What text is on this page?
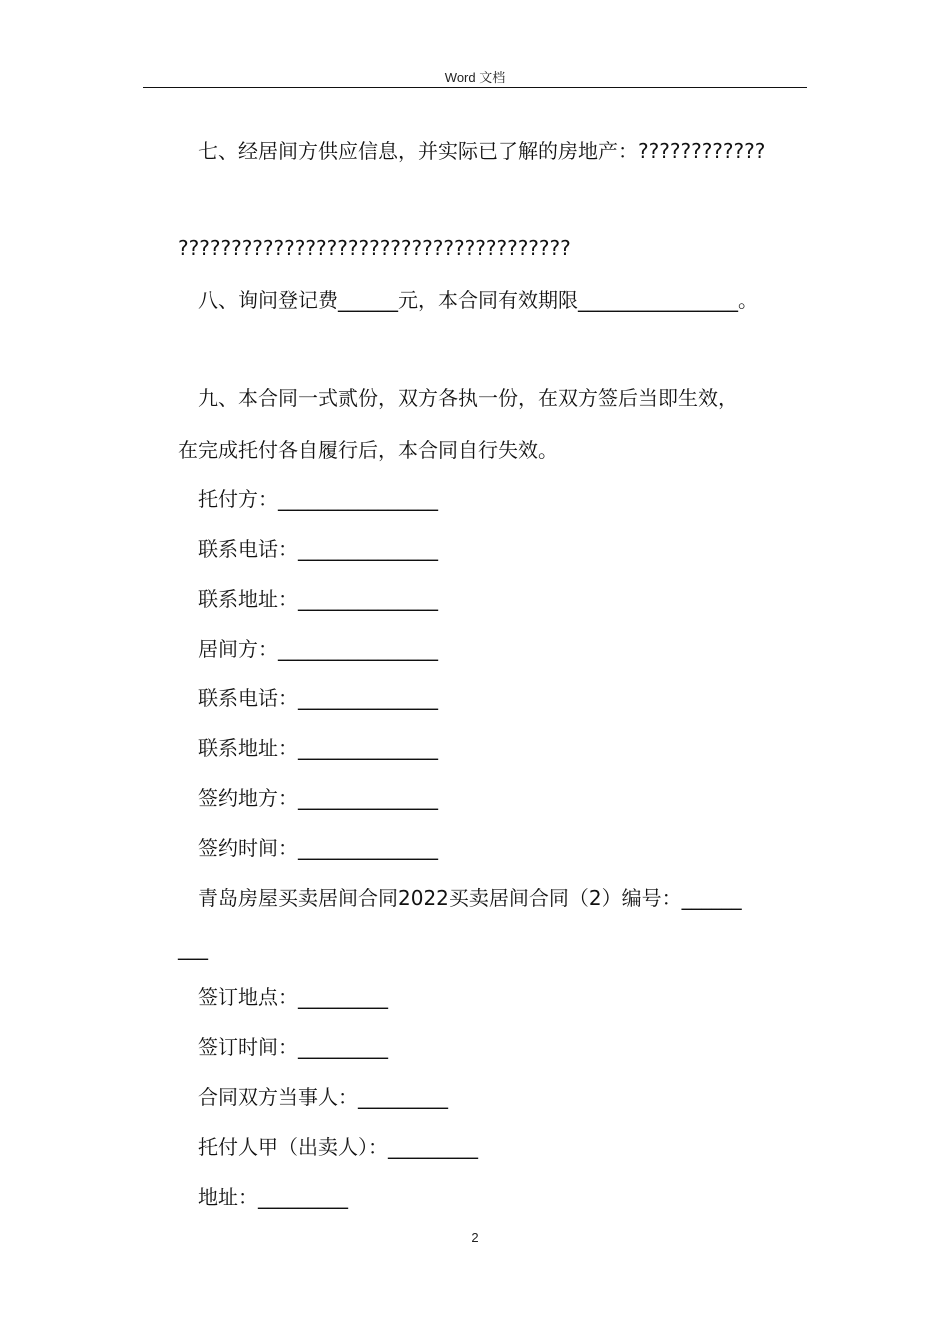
Word 文档
七、经居间方供应信息，并实际已了解的房地产：????????????
?????????????????????????????????????
八、询问登记费______元，本合同有效期限________________。
九、本合同一式贰份，双方各执一份，在双方签后当即生效，
在完成托付各自履行后，本合同自行失效。
托付方：________________
联系电话：______________
联系地址：______________
居间方：________________
联系电话：______________
联系地址：______________
签约地方：______________
签约时间：______________
青岛房屋买卖居间合同2022买卖居间合同（2）编号：______
___
签订地点：_________
签订时间：_________
合同双方当事人：_________
托付人甲（出卖人）：_________
地址：_________
2
